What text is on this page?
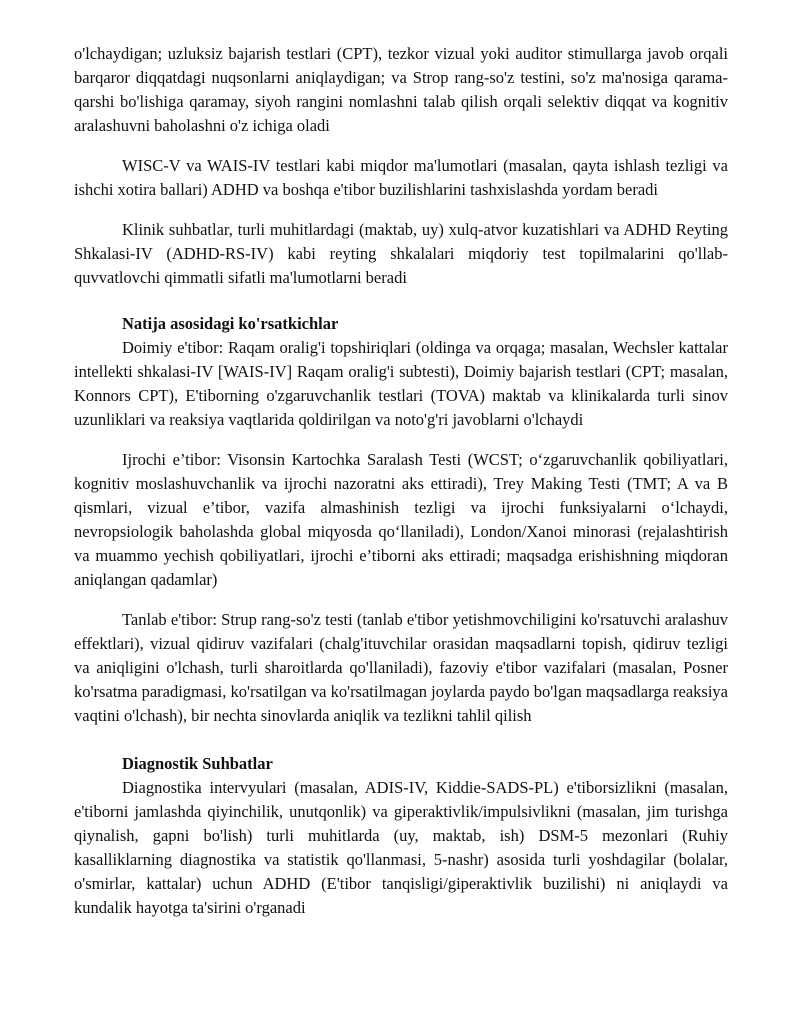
o'lchaydigan; uzluksiz bajarish testlari (CPT), tezkor vizual yoki auditor stimullarga javob orqali barqaror diqqatdagi nuqsonlarni aniqlaydigan; va Strop rang-so'z testini, so'z ma'nosiga qarama-qarshi bo'lishiga qaramay, siyoh rangini nomlashni talab qilish orqali selektiv diqqat va kognitiv aralashuvni baholashni o'z ichiga oladi

WISC-V va WAIS-IV testlari kabi miqdor ma'lumotlari (masalan, qayta ishlash tezligi va ishchi xotira ballari) ADHD va boshqa e'tibor buzilishlarini tashxislashda yordam beradi

Klinik suhbatlar, turli muhitlardagi (maktab, uy) xulq-atvor kuzatishlari va ADHD Reyting Shkalasi-IV (ADHD-RS-IV) kabi reyting shkalalari miqdoriy test topilmalarini qo'llab-quvvatlovchi qimmatli sifatli ma'lumotlarni beradi

Natija asosidagi ko'rsatkichlar

Doimiy e'tibor: Raqam oralig'i topshiriqlari (oldinga va orqaga; masalan, Wechsler kattalar intellekti shkalasi-IV [WAIS-IV] Raqam oralig'i subtesti), Doimiy bajarish testlari (CPT; masalan, Konnors CPT), E'tiborning o'zgaruvchanlik testlari (TOVA) maktab va klinikalarda turli sinov uzunliklari va reaksiya vaqtlarida qoldirilgan va noto'g'ri javoblarni o'lchaydi

Ijrochi e’tibor: Visonsin Kartochka Saralash Testi (WCST; o‘zgaruvchanlik qobiliyatlari, kognitiv moslashuvchanlik va ijrochi nazoratni aks ettiradi), Trey Making Testi (TMT; A va B qismlari, vizual e’tibor, vazifa almashinish tezligi va ijrochi funksiyalarni o‘lchaydi, nevropsiologik baholashda global miqyosda qo‘llaniladi), London/Xanoi minorasi (rejalashtirish va muammo yechish qobiliyatlari, ijrochi e’tiborni aks ettiradi; maqsadga erishishning miqdoran aniqlangan qadamlar)

Tanlab e'tibor: Strup rang-so'z testi (tanlab e'tibor yetishmovchiligini ko'rsatuvchi aralashuv effektlari), vizual qidiruv vazifalari (chalg'ituvchilar orasidan maqsadlarni topish, qidiruv tezligi va aniqligini o'lchash, turli sharoitlarda qo'llaniladi), fazoviy e'tibor vazifalari (masalan, Posner ko'rsatma paradigmasi, ko'rsatilgan va ko'rsatilmagan joylarda paydo bo'lgan maqsadlarga reaksiya vaqtini o'lchash), bir nechta sinovlarda aniqlik va tezlikni tahlil qilish

Diagnostik Suhbatlar

Diagnostika intervyulari (masalan, ADIS-IV, Kiddie-SADS-PL) e'tiborsizlikni (masalan, e'tiborni jamlashda qiyinchilik, unutqonlik) va giperaktivlik/impulsivlikni (masalan, jim turishga qiynalish, gapni bo'lish) turli muhitlarda (uy, maktab, ish) DSM-5 mezonlari (Ruhiy kasalliklarning diagnostika va statistik qo'llanmasi, 5-nashr) asosida turli yoshdagilar (bolalar, o'smirlar, kattalar) uchun ADHD (E'tibor tanqisligi/giperaktivlik buzilishi) ni aniqlaydi va kundalik hayotga ta'sirini o'rganadi
